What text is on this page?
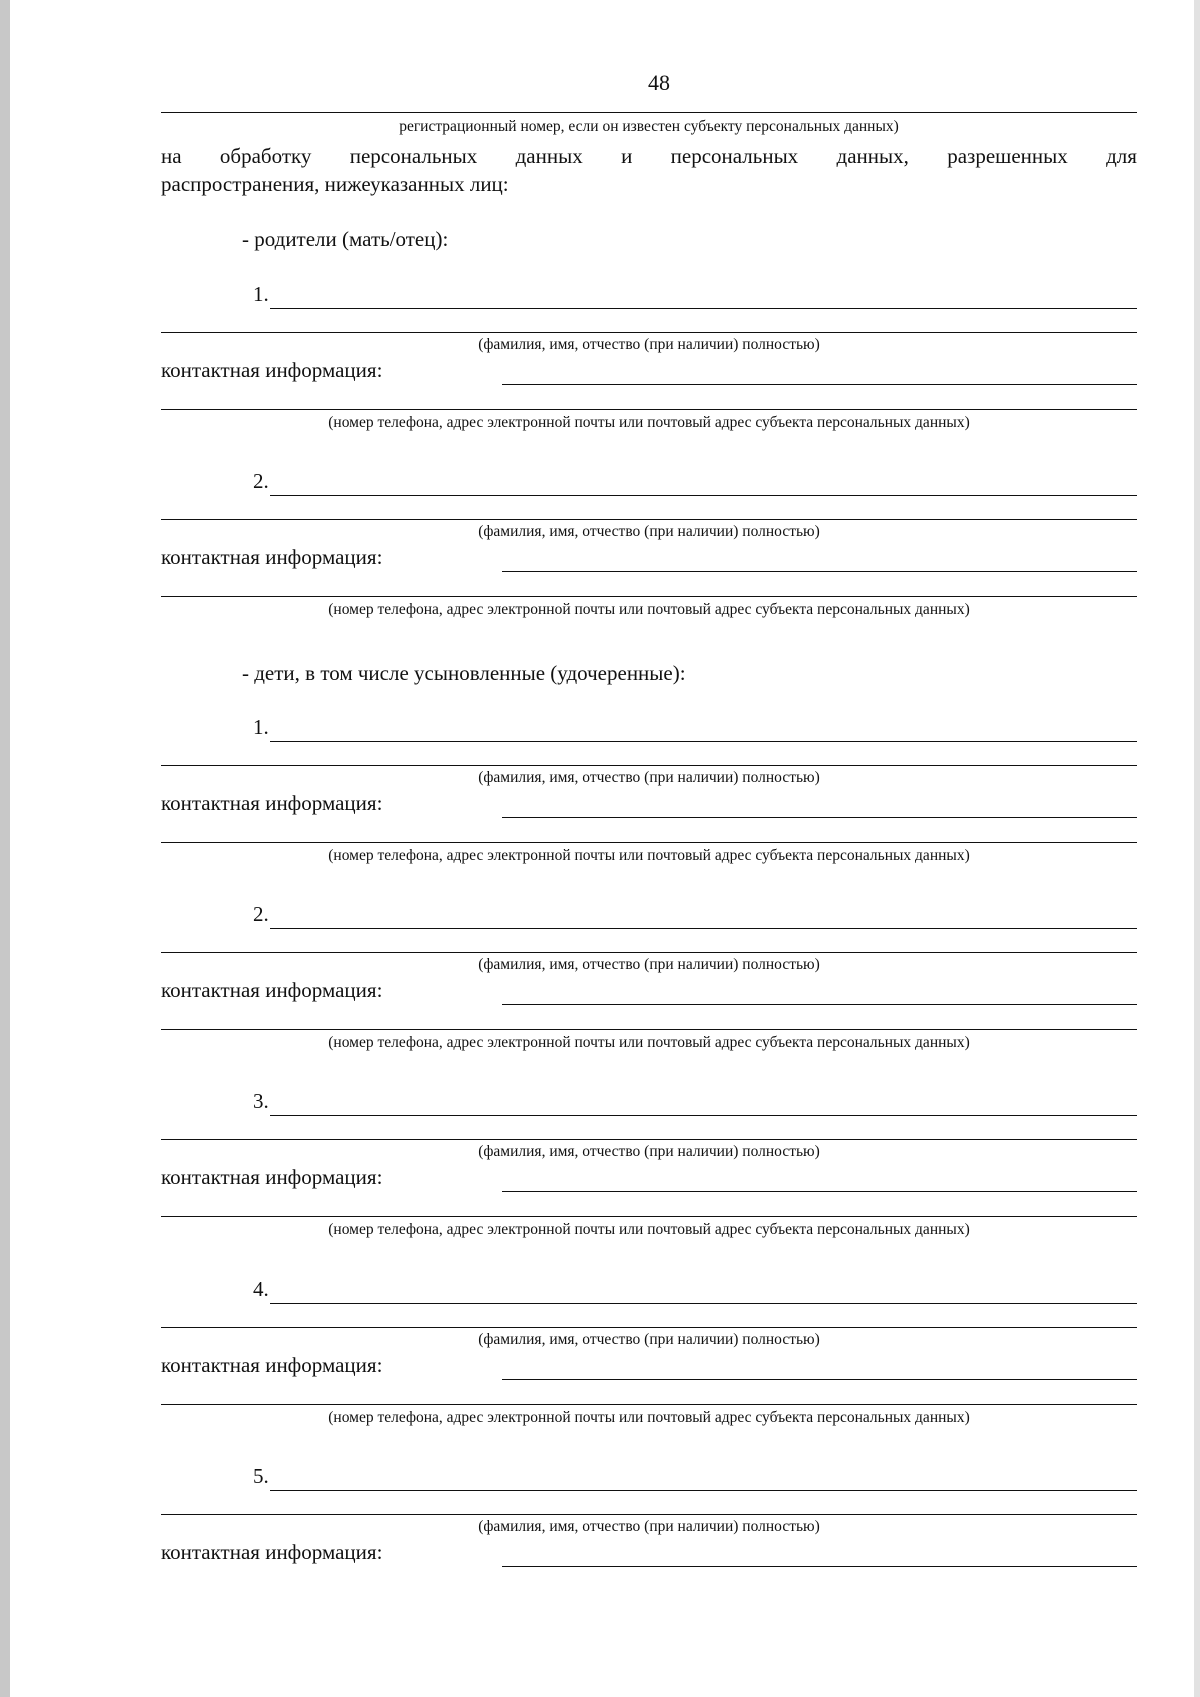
48
регистрационный номер, если он известен субъекту персональных данных)
на обработку персональных данных и персональных данных, разрешенных для
распространения, нижеуказанных лиц:
- родители (мать/отец):
1.
(фамилия, имя, отчество (при наличии) полностью)
контактная информация:
(номер телефона, адрес электронной почты или почтовый адрес субъекта персональных данных)
2.
(фамилия, имя, отчество (при наличии) полностью)
контактная информация:
(номер телефона, адрес электронной почты или почтовый адрес субъекта персональных данных)
- дети, в том числе усыновленные (удочеренные):
1.
(фамилия, имя, отчество (при наличии) полностью)
контактная информация:
(номер телефона, адрес электронной почты или почтовый адрес субъекта персональных данных)
2.
(фамилия, имя, отчество (при наличии) полностью)
контактная информация:
(номер телефона, адрес электронной почты или почтовый адрес субъекта персональных данных)
3.
(фамилия, имя, отчество (при наличии) полностью)
контактная информация:
(номер телефона, адрес электронной почты или почтовый адрес субъекта персональных данных)
4.
(фамилия, имя, отчество (при наличии) полностью)
контактная информация:
(номер телефона, адрес электронной почты или почтовый адрес субъекта персональных данных)
5.
(фамилия, имя, отчество (при наличии) полностью)
контактная информация:
